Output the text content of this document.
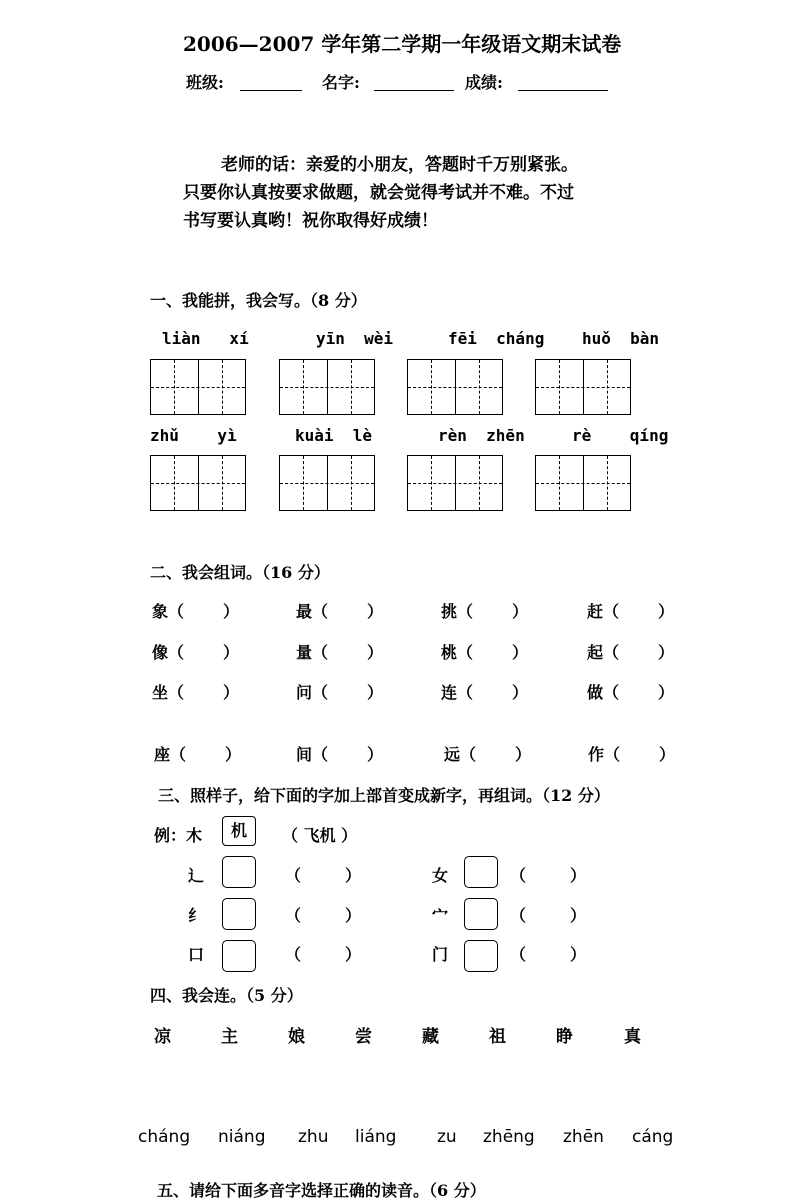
2006—2007 学年第二学期一年级语文期末试卷
班级:	名字:	成绩:
老师的话：亲爱的小朋友，答题时千万别紧张。
只要你认真按要求做题，就会觉得考试并不难。不过
书写要认真哟！祝你取得好成绩！
一、我能拼，我会写。（8 分）
liàn   xí	yīn  wèi	fēi  cháng huǒ  bàn
zhǔ    yì	kuài  lè	rèn  zhēn	rè    qíng
二、我会组词。（16 分）
象（       ）	最（       ）	挑（       ）	赶（       ）
像（       ）	量（       ）	桃（       ）	起（       ）
坐（       ）	问（       ）	连（       ）	做（       ）
座（       ）	间（       ）	远（       ）	作（       ）
三、照样子，给下面的字加上部首变成新字，再组词。（12 分）
例：木	机	（ 飞机 ）
辶	（	）	女	（	）
纟	（	）	宀	（	）
口	（	）	门	（	）
四、我会连。（5 分）
凉	主	娘	尝	藏	祖	睁	真
cháng niáng zhu liáng zu zhēng zhēn cáng
五、请给下面多音字选择正确的读音。（6 分）
